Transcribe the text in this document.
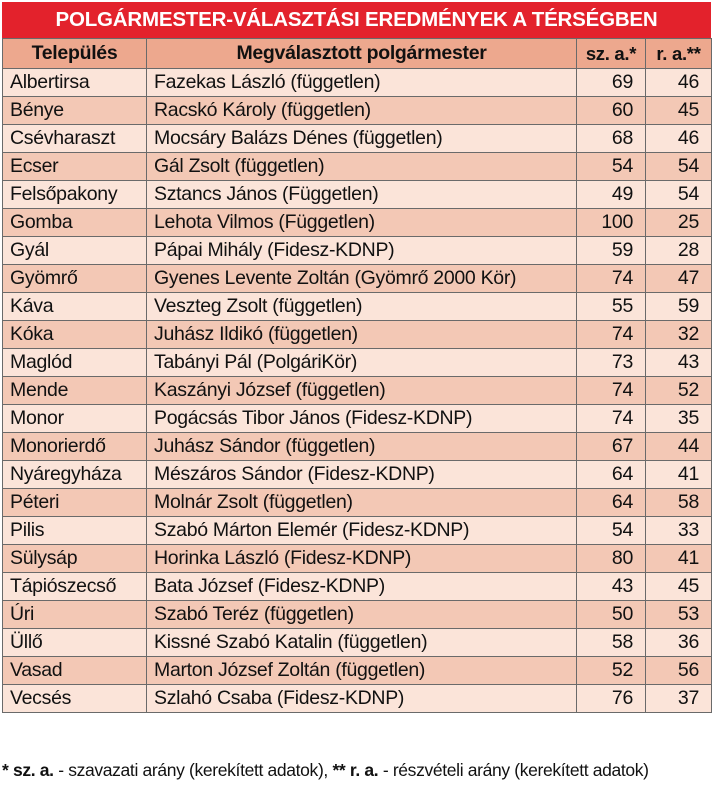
POLGÁRMESTER-VÁLASZTÁSI EREDMÉNYEK A TÉRSÉGBEN
Település	Megválasztott polgármester	sz. a.*	r. a.**
Albertirsa	Fazekas László (független)	69	46
Bénye	Racskó Károly (független)	60	45
Csévharaszt	Mocsáry Balázs Dénes (független)	68	46
Ecser	Gál Zsolt (független)	54	54
Felsőpakony	Sztancs János (Független)	49	54
Gomba	Lehota Vilmos (Független)	100	25
Gyál	Pápai Mihály (Fidesz-KDNP)	59	28
Gyömrő	Gyenes Levente Zoltán (Gyömrő 2000 Kör)	74	47
Káva	Veszteg Zsolt (független)	55	59
Kóka	Juhász Ildikó (független)	74	32
Maglód	Tabányi Pál (PolgáriKör)	73	43
Mende	Kaszányi József (független)	74	52
Monor	Pogácsás Tibor János (Fidesz-KDNP)	74	35
Monorierdő	Juhász Sándor (független)	67	44
Nyáregyháza	Mészáros Sándor (Fidesz-KDNP)	64	41
Péteri	Molnár Zsolt (független)	64	58
Pilis	Szabó Márton Elemér (Fidesz-KDNP)	54	33
Sülysáp	Horinka László (Fidesz-KDNP)	80	41
Tápiószecső	Bata József (Fidesz-KDNP)	43	45
Úri	Szabó Teréz (független)	50	53
Üllő	Kissné Szabó Katalin (független)	58	36
Vasad	Marton József Zoltán (független)	52	56
Vecsés	Szlahó Csaba (Fidesz-KDNP)	76	37
* sz. a. - szavazati arány (kerekített adatok), ** r. a. - részvételi arány (kerekített adatok)
